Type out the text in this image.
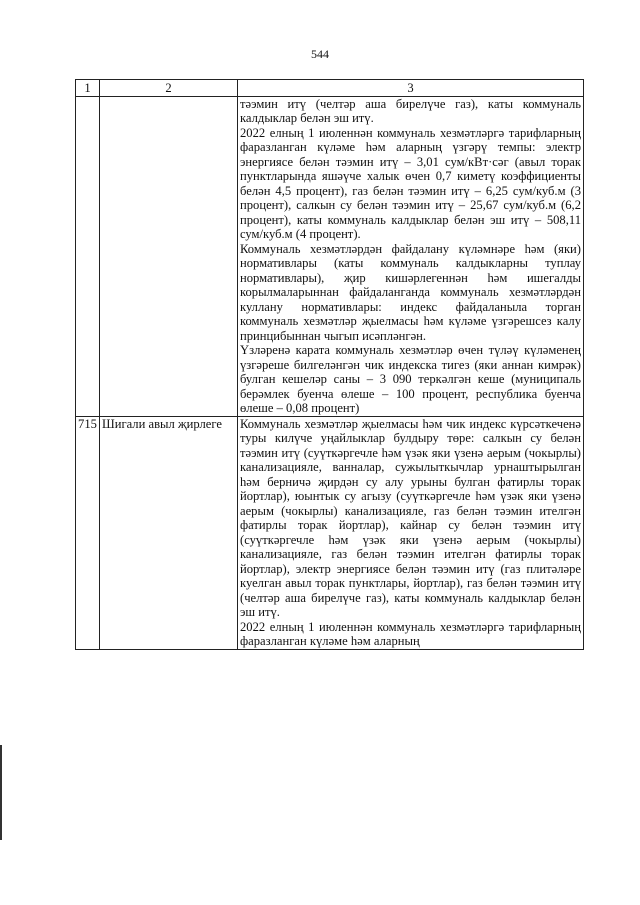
544
1	2	3

		тәэмин итү (челтәр аша бирелүче газ), каты коммуналь калдыклар белән эш итү.
2022 елның 1 июленнән коммуналь хезмәтләргә тарифларның фаразланган күләме һәм аларның үзгәрү темпы: электр энергиясе белән тәэмин итү – 3,01 сум/кВт·сәг (авыл торак пунктларында яшәүче халык өчен 0,7 киметү коэффициенты белән 4,5 процент), газ белән тәэмин итү – 6,25 сум/куб.м (3 процент), салкын су белән тәэмин итү – 25,67 сум/куб.м (6,2 процент), каты коммуналь калдыклар белән эш итү – 508,11 сум/куб.м (4 процент).
Коммуналь хезмәтләрдән файдалану күләмнәре һәм (яки) нормативлары (каты коммуналь калдыкларны туплау нормативлары), җир кишәрлегеннән һәм ишегалды корылмаларыннан файдаланганда коммуналь хезмәтләрдән куллану нормативлары: индекс файдаланыла торган коммуналь хезмәтләр җыелмасы һәм күләме үзгәрешсез калу принцибыннан чыгып исәпләнгән.
Үзләренә карата коммуналь хезмәтләр өчен түләү күләменең үзгәреше билгеләнгән чик индекска тигез (яки аннан кимрәк) булган кешеләр саны – 3 090 теркәлгән кеше (муниципаль берәмлек буенча өлеше – 100 процент, республика буенча өлеше – 0,08 процент)

715	Шигали авыл җирлеге	Коммуналь хезмәтләр җыелмасы һәм чик индекс күрсәткеченә туры килүче уңайлыклар булдыру төре: салкын су белән тәэмин итү (суүткәргечле һәм үзәк яки үзенә аерым (чокырлы) канализацияле, ванналар, сужылыткычлар урнаштырылган һәм берничә җирдән су алу урыны булган фатирлы торак йортлар), юынтык су агызу (суүткәргечле һәм үзәк яки үзенә аерым (чокырлы) канализацияле, газ белән тәэмин ителгән фатирлы торак йортлар), кайнар су белән тәэмин итү (суүткәргечле һәм үзәк яки үзенә аерым (чокырлы) канализацияле, газ белән тәэмин ителгән фатирлы торак йортлар), электр энергиясе белән тәэмин итү (газ плитәләре куелган авыл торак пунктлары, йортлар), газ белән тәэмин итү (челтәр аша бирелүче газ), каты коммуналь калдыклар белән эш итү.
2022 елның 1 июленнән коммуналь хезмәтләргә тарифларның фаразланган күләме һәм аларның
